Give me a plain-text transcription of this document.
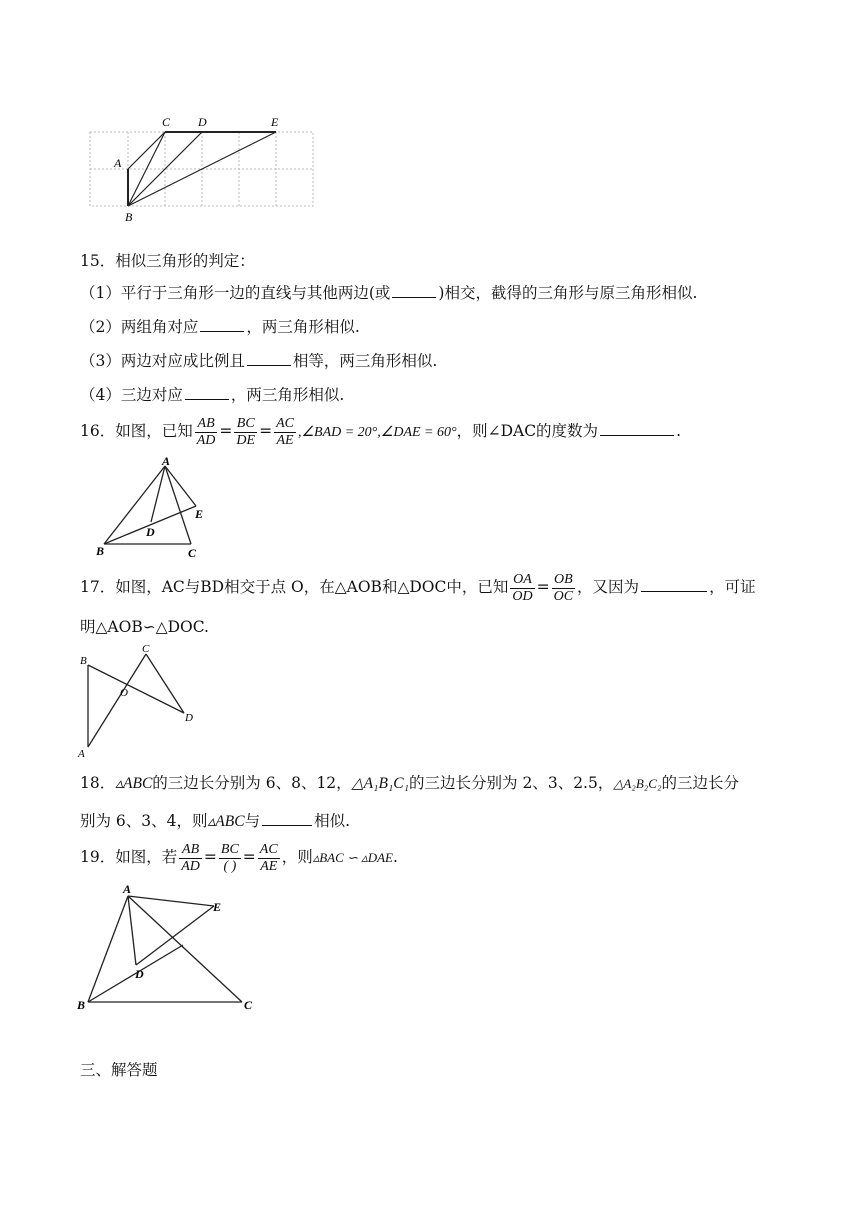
A
B
C D	E
15．相似三角形的判定：
（1）平行于三角形一边的直线与其他两边(或	)相交，截得的三角形与原三角形相似.
（2）两组角对应	，两三角形相似.
（3）两边对应成比例且	相等，两三角形相似.
（4）三边对应	，两三角形相似.
16．如图，已知 $\frac{AB}{AD} = \frac{BC}{DE} = \frac{AC}{AE}$ ,∠BAD = 20°,∠DAE = 60°，则∠DAC的度数为	.
A
B	C
D
E
17．如图，AC与BD相交于点 O，在△AOB和△DOC中，已知 $\frac{OA}{OD} = \frac{OB}{OC}$ ，又因为	，可证
明△AOB∽△DOC.
B
A
C
D
O
18．▵ABC的三边长分别为 6、8、12，△A₁B₁C₁的三边长分别为 2、3、2.5，△A₂B₂C₂的三边长分
别为 6、3、4，则▵ABC与	相似.
19．如图，若 $\frac{AB}{AD} = \frac{BC}{( )} = \frac{AC}{AE}$ ，则▵BAC ∽ ▵DAE.
A
B	C
D
E
三、解答题
